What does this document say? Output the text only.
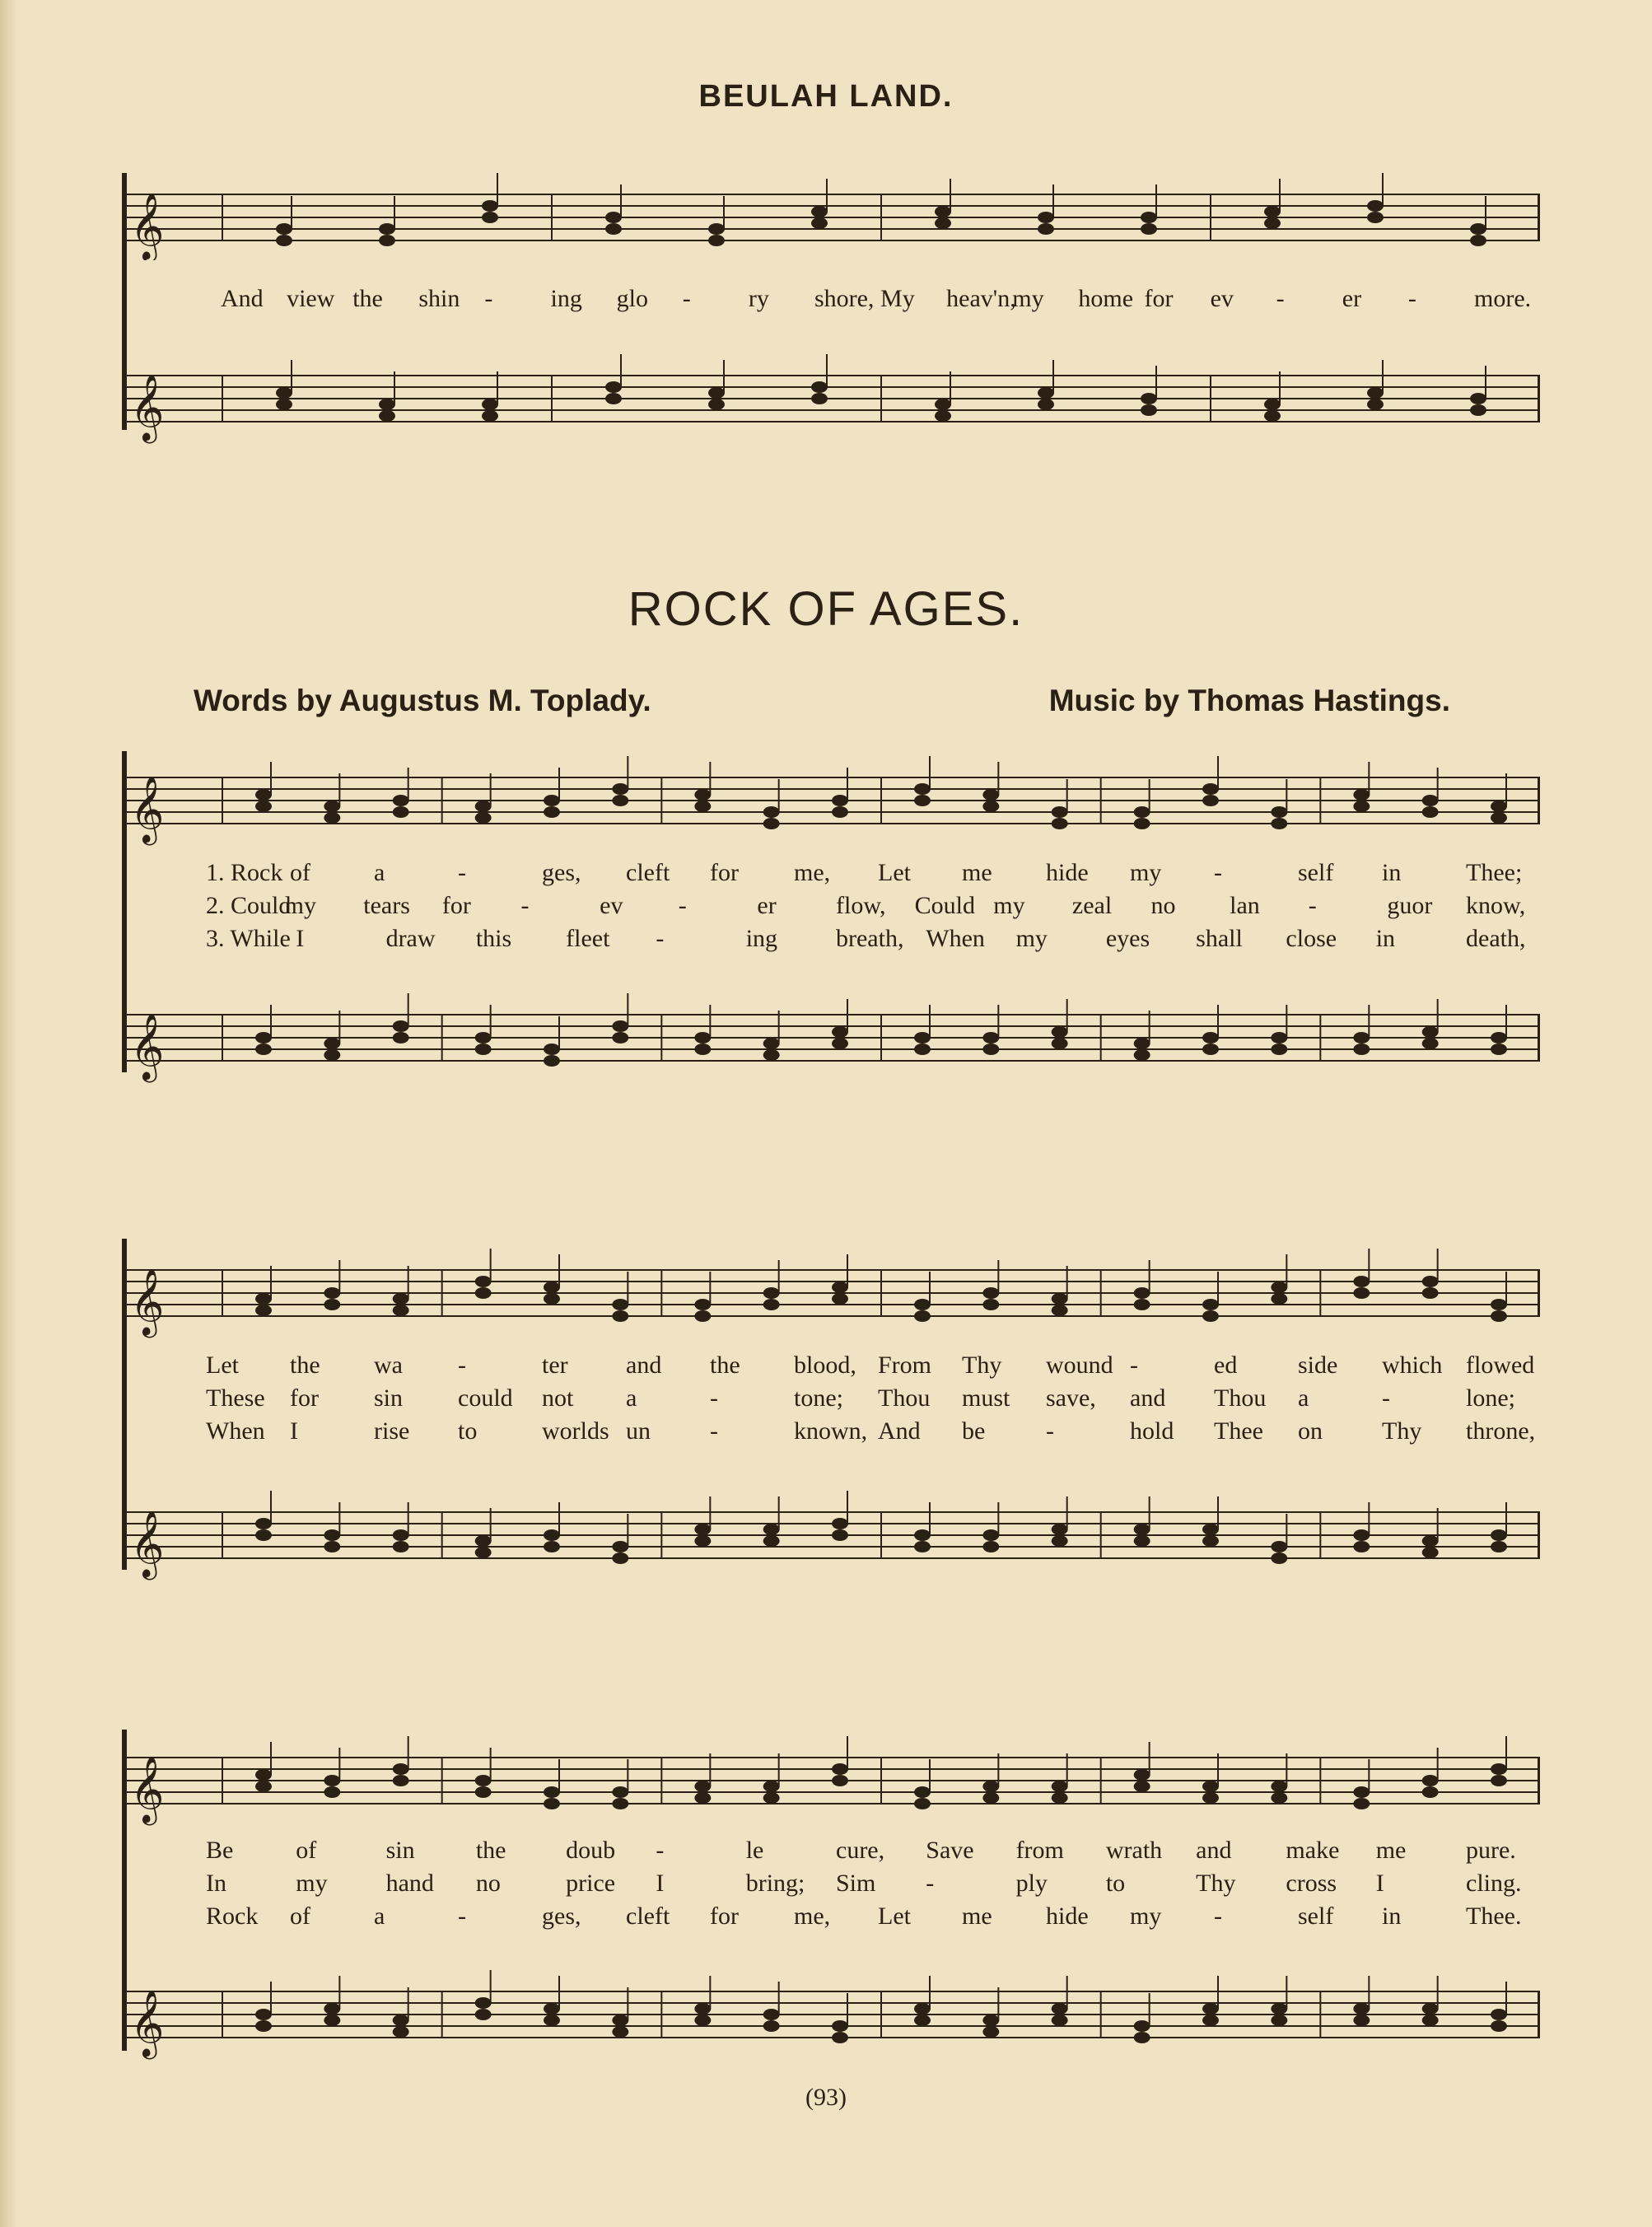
BEULAH LAND.
𝄞
And view the shin - ing glo - ry shore, My heav'n,
my home for ev - er - more.
𝄞
ROCK OF AGES.
Words by Augustus M. Toplady.	Music by Thomas Hastings.
𝄞
1. Rock of	a	-	ges, cleft for me, Let me hide my -	self in	Thee;
2. Could
my tears for -	ev -	er flow, Could my zeal no lan -	guor know,
3. While I	draw this fleet -	ing breath, When my eyes shall close in	death,
𝄞
𝄞
Let the wa -	ter and the blood, From Thy wound -	ed side which flowed
These for sin could not a	-	tone; Thou must save, and Thou a	-	lone;
When I	rise to	worlds un -	known, And be -	hold Thee on Thy throne,
𝄞
𝄞
Be	of	sin the doub -	le	cure, Save from wrath and make me pure.
In	my hand no	price I	bring; Sim -	ply to	Thy cross I	cling.
Rock of	a	-	ges, cleft for me, Let me hide my -	self in	Thee.
𝄞
(93)
